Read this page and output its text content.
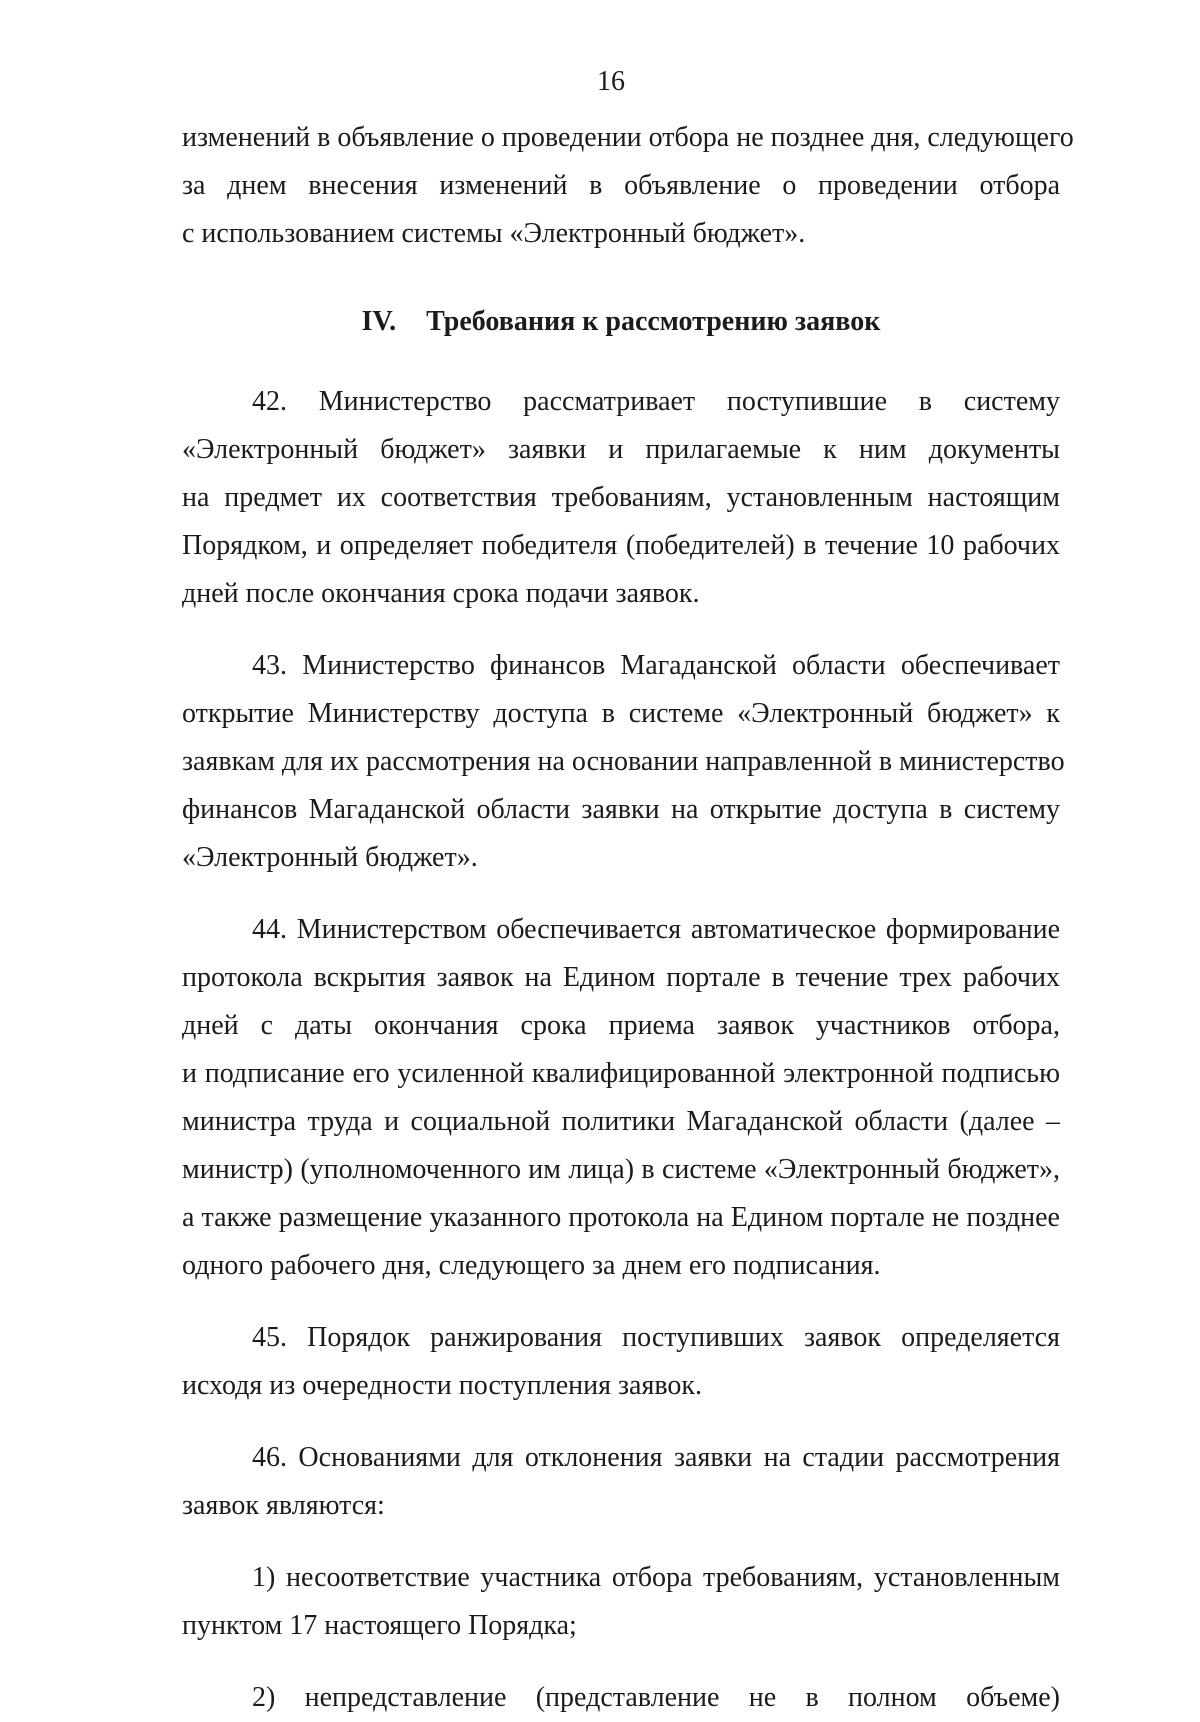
16
изменений в объявление о проведении отбора не позднее дня, следующего
за днем внесения изменений в объявление о проведении отбора
с использованием системы «Электронный бюджет».
IV. Требования к рассмотрению заявок
42. Министерство рассматривает поступившие в систему
«Электронный бюджет» заявки и прилагаемые к ним документы
на предмет их соответствия требованиям, установленным настоящим
Порядком, и определяет победителя (победителей) в течение 10 рабочих
дней после окончания срока подачи заявок.
43. Министерство финансов Магаданской области обеспечивает
открытие Министерству доступа в системе «Электронный бюджет» к
заявкам для их рассмотрения на основании направленной в министерство
финансов Магаданской области заявки на открытие доступа в систему
«Электронный бюджет».
44. Министерством обеспечивается автоматическое формирование
протокола вскрытия заявок на Едином портале в течение трех рабочих
дней с даты окончания срока приема заявок участников отбора,
и подписание его усиленной квалифицированной электронной подписью
министра труда и социальной политики Магаданской области (далее –
министр) (уполномоченного им лица) в системе «Электронный бюджет»,
а также размещение указанного протокола на Едином портале не позднее
одного рабочего дня, следующего за днем его подписания.
45. Порядок ранжирования поступивших заявок определяется
исходя из очередности поступления заявок.
46. Основаниями для отклонения заявки на стадии рассмотрения
заявок являются:
1) несоответствие участника отбора требованиям, установленным
пунктом 17 настоящего Порядка;
2) непредставление (представление не в полном объеме)
